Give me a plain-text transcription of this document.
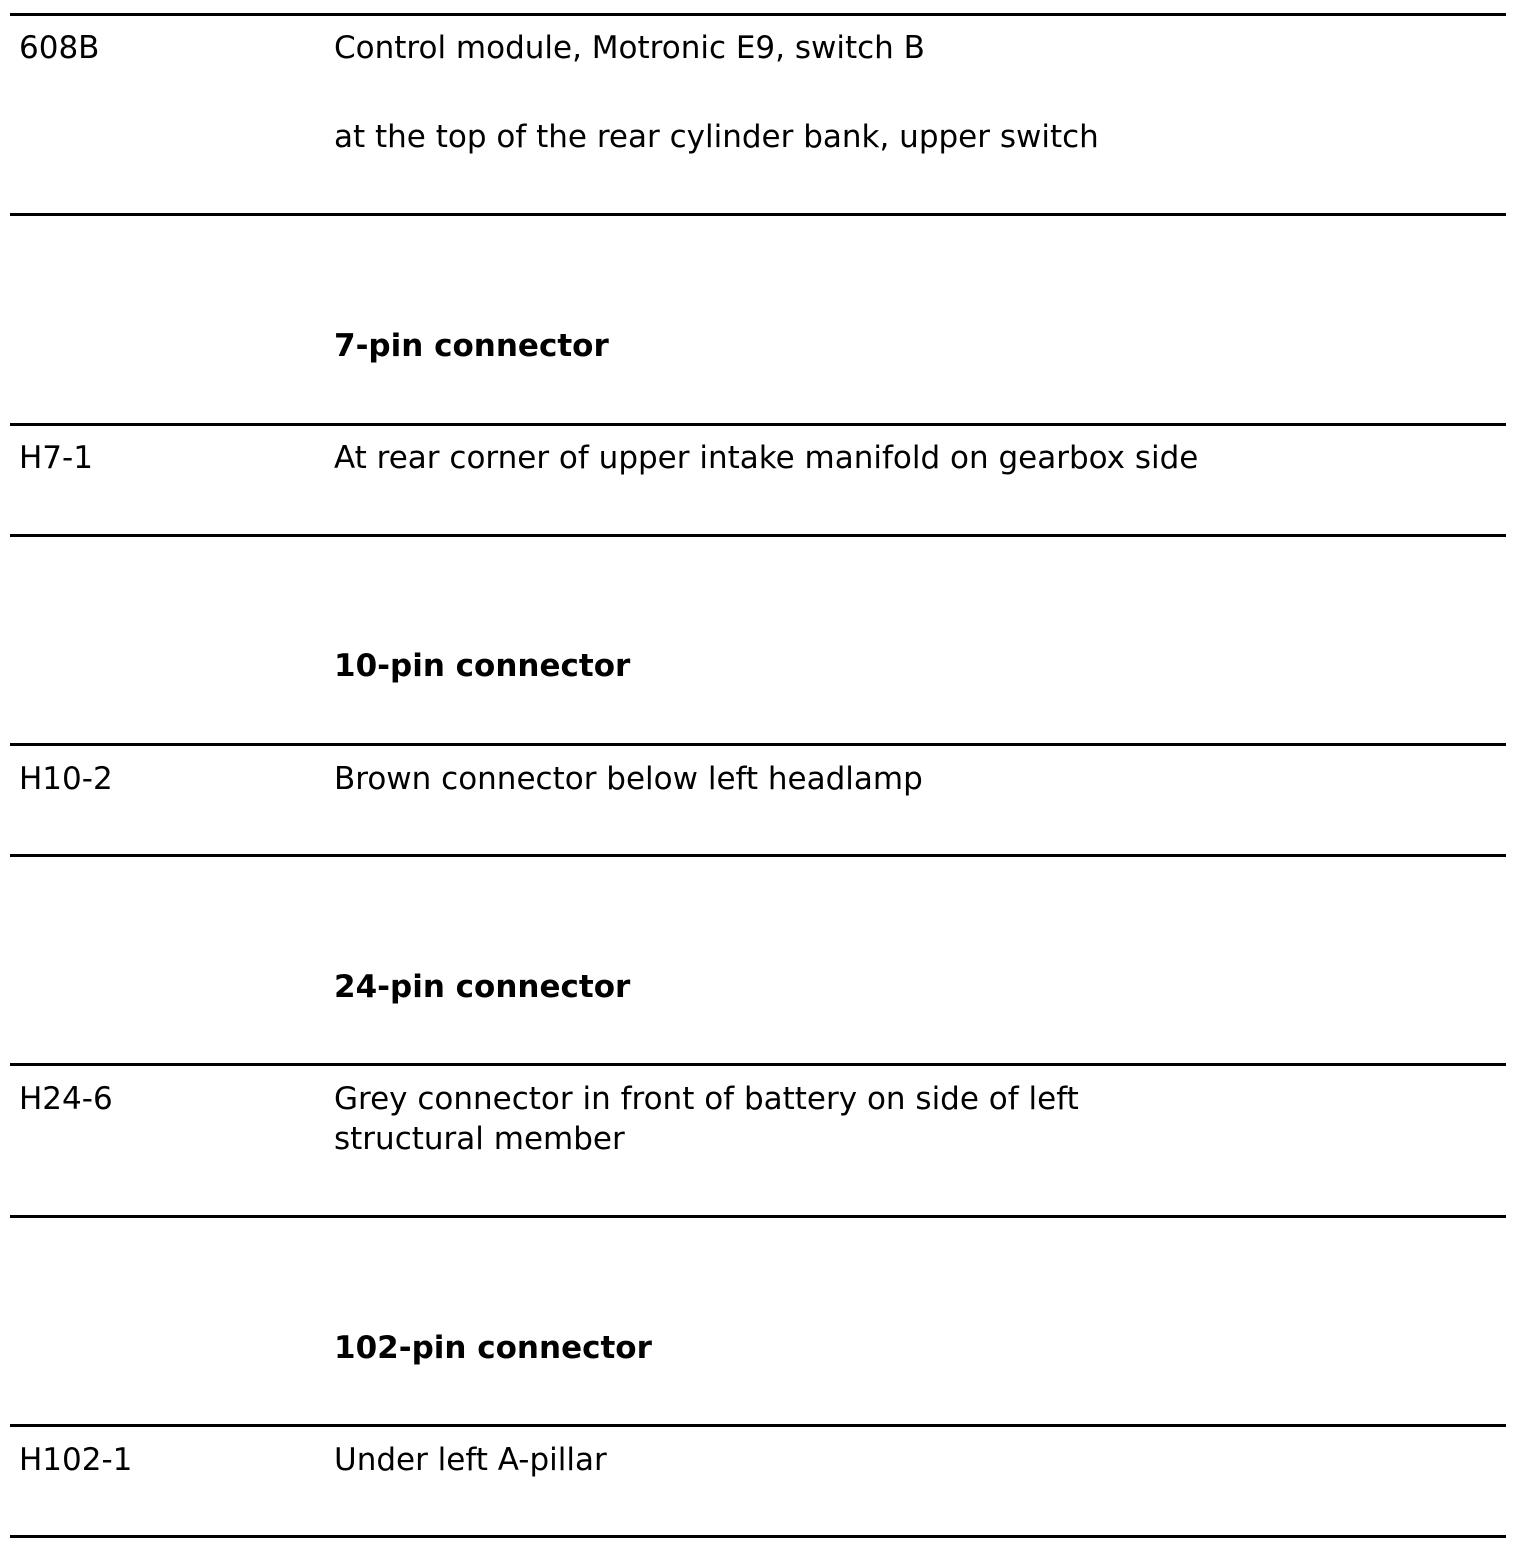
608B	Control module, Motronic E9, switch B
at the top of the rear cylinder bank, upper switch
7-pin connector
H7-1	At rear corner of upper intake manifold on gearbox side
10-pin connector
H10-2	Brown connector below left headlamp
24-pin connector
H24-6	Grey connector in front of battery on side of left structural member
102-pin connector
H102-1	Under left A-pillar
